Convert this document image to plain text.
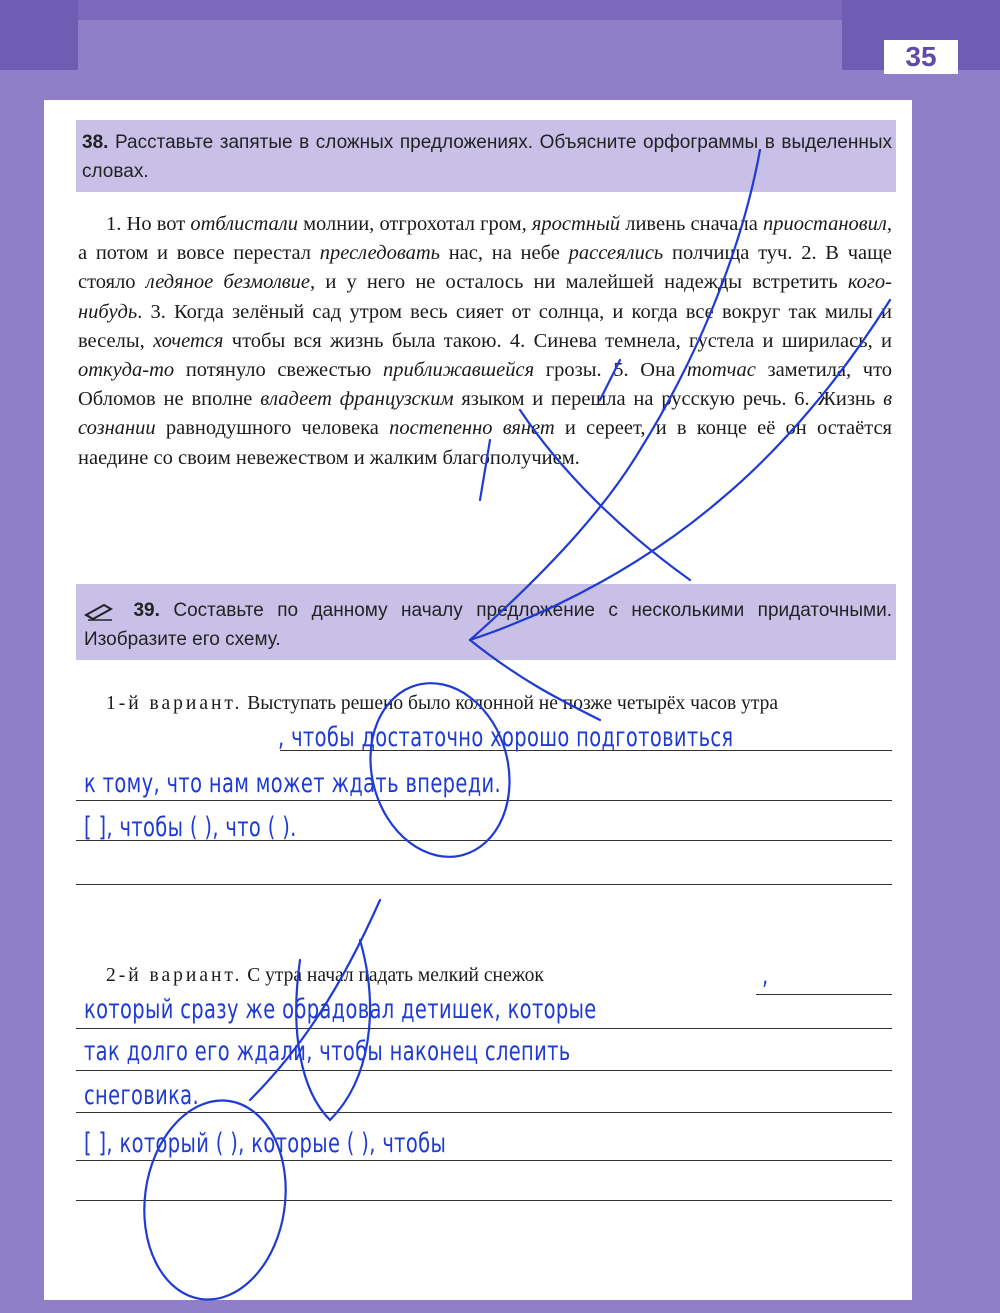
35

38. Расставьте запятые в сложных предложениях. Объясните орфограммы в выделенных словах.

1. Но вот отблистали молнии, отгрохотал гром, яростный ливень сначала приостановил, а потом и вовсе перестал преследовать нас, на небе рассеялись полчища туч. 2. В чаще стояло ледяное безмолвие, и у него не осталось ни малейшей надежды встретить кого-нибудь. 3. Когда зелёный сад утром весь сияет от солнца, и когда все вокруг так милы и веселы, хочется чтобы вся жизнь была такою. 4. Синева темнела, густела и ширилась, и откуда-то потянуло свежестью приближавшейся грозы. 5. Она тотчас заметила, что Обломов не вполне владеет французским языком и перешла на русскую речь. 6. Жизнь в сознании равнодушного человека постепенно вянет и сереет, и в конце её он остаётся наедине со своим невежеством и жалким благополучием.

39. Составьте по данному началу предложение с несколькими придаточными. Изобразите его схему.

1-й вариант. Выступать решено было колонной не позже четырёх часов утра
, чтобы достаточно хорошо подготовиться
к тому, что нам может ждать впереди.
[ ], чтобы ( ), что ( ).
2-й вариант. С утра начал падать мелкий снежок	,
который сразу же обрадовал детишек, которые
так долго его ждали, чтобы наконец слепить
снеговика.
[ ], который ( ), которые ( ), чтобы
